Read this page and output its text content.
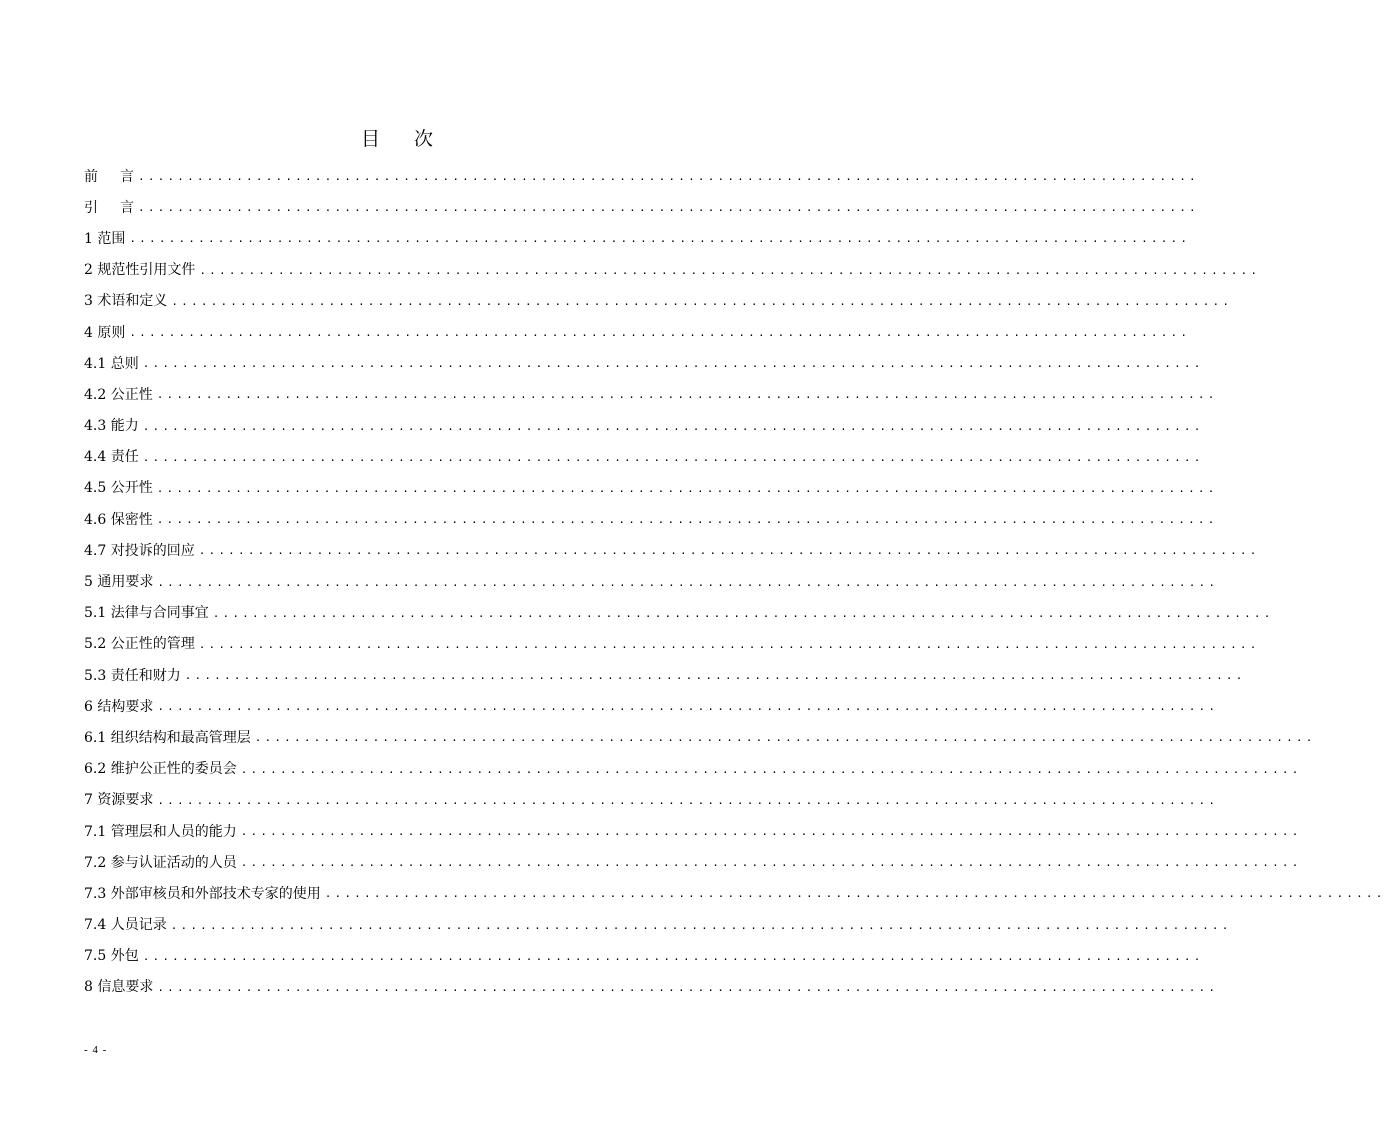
目 次
前 言 ............................................................................................................
引 言 ............................................................................................................
1 范围 ............................................................................................................
2 规范性引用文件 ............................................................................................................
3 术语和定义 ............................................................................................................
4 原则 ............................................................................................................
4.1 总则 ............................................................................................................
4.2 公正性 ............................................................................................................
4.3 能力 ............................................................................................................
4.4 责任 ............................................................................................................
4.5 公开性 ............................................................................................................
4.6 保密性 ............................................................................................................
4.7 对投诉的回应 ............................................................................................................
5 通用要求 ............................................................................................................
5.1 法律与合同事宜 ............................................................................................................
5.2 公正性的管理 ............................................................................................................
5.3 责任和财力 ............................................................................................................
6 结构要求 ............................................................................................................
6.1 组织结构和最高管理层 ............................................................................................................
6.2 维护公正性的委员会 ............................................................................................................
7 资源要求 ............................................................................................................
7.1 管理层和人员的能力 ............................................................................................................
7.2 参与认证活动的人员 ............................................................................................................
7.3 外部审核员和外部技术专家的使用 ............................................................................................................
7.4 人员记录 ............................................................................................................
7.5 外包 ............................................................................................................
8 信息要求 ............................................................................................................
- 4 -
